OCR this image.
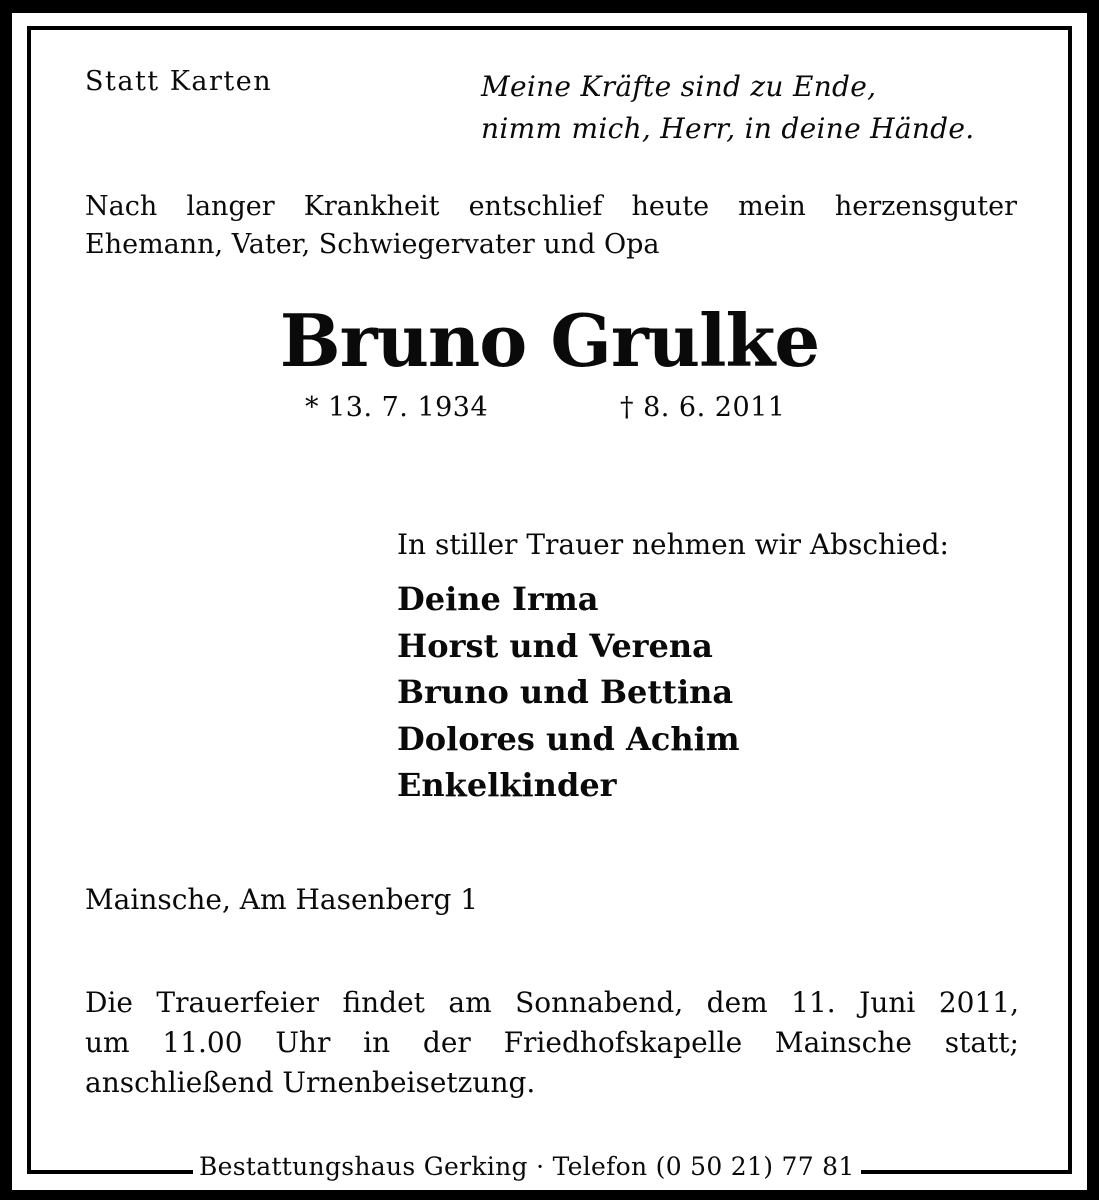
Statt Karten	Meine Kräfte sind zu Ende,
nimm mich, Herr, in deine Hände.
Nach langer Krankheit entschlief heute mein herzensguter
Ehemann, Vater, Schwiegervater und Opa
Bruno Grulke
* 13. 7. 1934	† 8. 6. 2011

In stiller Trauer nehmen wir Abschied:

Deine Irma
Horst und Verena
Bruno und Bettina
Dolores und Achim
Enkelkinder

Mainsche, Am Hasenberg 1

Die Trauerfeier findet am Sonnabend, dem 11. Juni 2011,
um 11.00 Uhr in der Friedhofskapelle Mainsche statt;
anschließend Urnenbeisetzung.
Bestattungshaus Gerking · Telefon (0 50 21) 77 81
